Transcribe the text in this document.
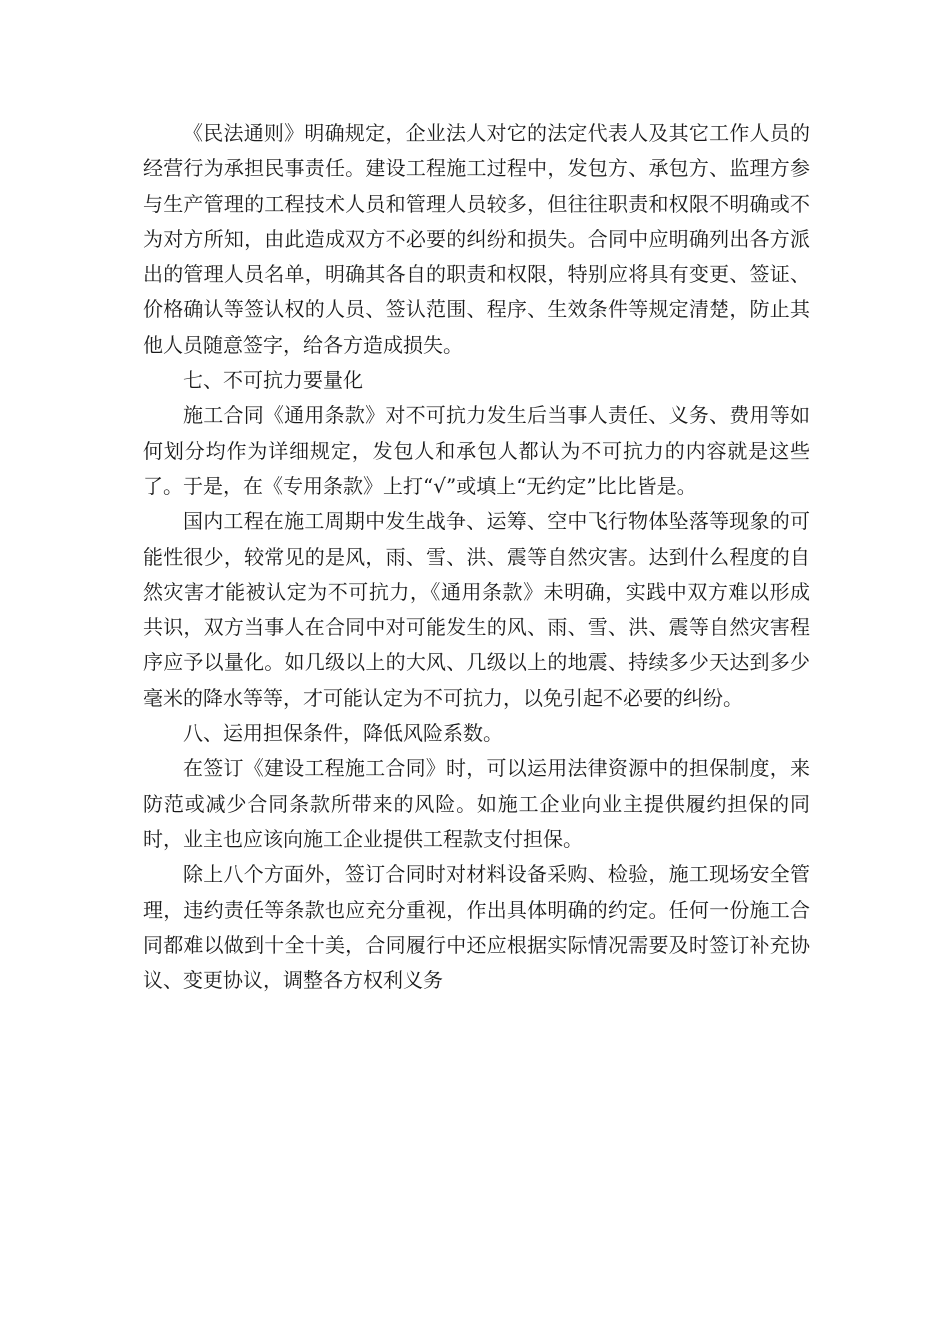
《民法通则》明确规定，企业法人对它的法定代表人及其它工作人员的经营行为承担民事责任。建设工程施工过程中，发包方、承包方、监理方参与生产管理的工程技术人员和管理人员较多，但往往职责和权限不明确或不为对方所知，由此造成双方不必要的纠纷和损失。合同中应明确列出各方派出的管理人员名单，明确其各自的职责和权限，特别应将具有变更、签证、价格确认等签认权的人员、签认范围、程序、生效条件等规定清楚，防止其他人员随意签字，给各方造成损失。

七、不可抗力要量化

施工合同《通用条款》对不可抗力发生后当事人责任、义务、费用等如何划分均作为详细规定，发包人和承包人都认为不可抗力的内容就是这些了。于是，在《专用条款》上打“√”或填上“无约定”比比皆是。

国内工程在施工周期中发生战争、运筹、空中飞行物体坠落等现象的可能性很少，较常见的是风，雨、雪、洪、震等自然灾害。达到什么程度的自然灾害才能被认定为不可抗力，《通用条款》未明确，实践中双方难以形成共识，双方当事人在合同中对可能发生的风、雨、雪、洪、震等自然灾害程序应予以量化。如几级以上的大风、几级以上的地震、持续多少天达到多少毫米的降水等等，才可能认定为不可抗力，以免引起不必要的纠纷。

八、运用担保条件，降低风险系数。

在签订《建设工程施工合同》时，可以运用法律资源中的担保制度，来防范或减少合同条款所带来的风险。如施工企业向业主提供履约担保的同时，业主也应该向施工企业提供工程款支付担保。

除上八个方面外，签订合同时对材料设备采购、检验，施工现场安全管理，违约责任等条款也应充分重视，作出具体明确的约定。任何一份施工合同都难以做到十全十美，合同履行中还应根据实际情况需要及时签订补充协议、变更协议，调整各方权利义务
